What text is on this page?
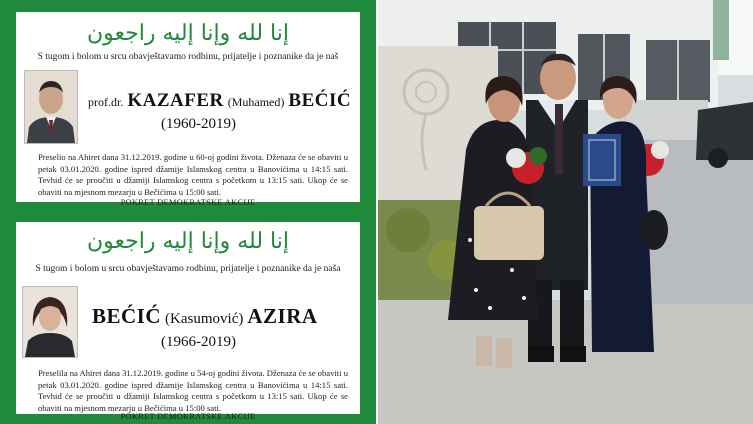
إنا لله وإنا إليه راجعون
S tugom i bolom u srcu obavještavamo rodbinu, prijatelje i poznanike da je naš
prof.dr. KAZAFER (Muhamed) BEĆIĆ
(1960-2019)
Preselio na Ahiret dana 31.12.2019. godine u 60-oj godini života. Dženaza će se obaviti u petak 03.01.2020. godine ispred džamije Islamskog centra u Banovićima u 14:15 sati. Tevhid će se proučiti u džamiji Islamskog centra s početkom u 13:15 sati. Ukop će se obaviti na mjesnom mezarju u Bečićima u 15:00 sati.
POKRET DEMOKRATSKE AKCIJE
إنا لله وإنا إليه راجعون
S tugom i bolom u srcu obavještavamo rodbinu, prijatelje i poznanike da je naša
BEĆIĆ (Kasumović) AZIRA
(1966-2019)
Preselila na Ahiret dana 31.12.2019. godine u 54-oj godini života. Dženaza će se obaviti u petak 03.01.2020. godine ispred džamije Islamskog centra u Banovićima u 14:15 sati. Tevhid će se proučiti u džamiji Islamskog centra s početkom u 13:15 sati. Ukop će se obaviti na mjesnom mezarju u Bečićima u 15:00 sati.
POKRET DEMOKRATSKE AKCIJE
